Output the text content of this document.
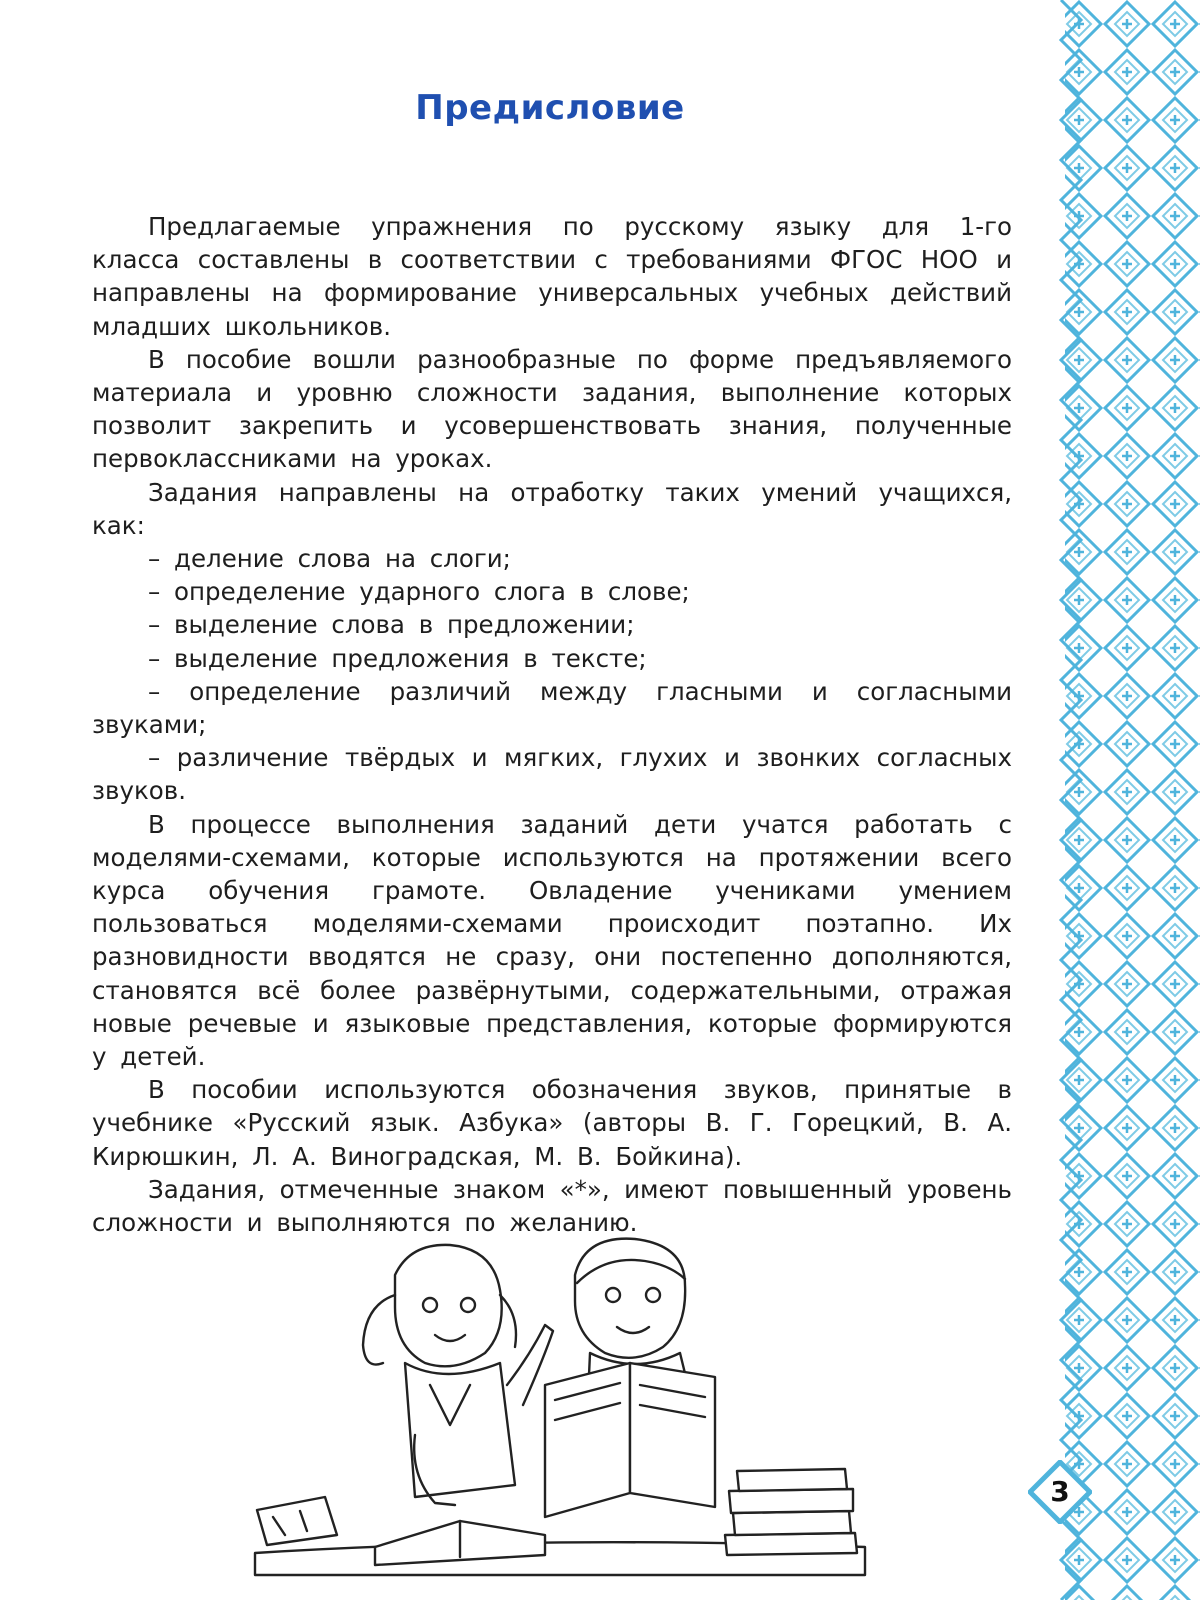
Предисловие

Предлагаемые упражнения по русскому языку для 1-го класса составлены в соответствии с требованиями ФГОС НОО и направлены на формирование универсальных учебных действий младших школьников.

В пособие вошли разнообразные по форме предъявляемого материала и уровню сложности задания, выполнение которых позволит закрепить и усовершенствовать знания, полученные первоклассниками на уроках.

Задания направлены на отработку таких умений учащихся, как:

– деление слова на слоги;
– определение ударного слога в слове;
– выделение слова в предложении;
– выделение предложения в тексте;
– определение различий между гласными и согласными звуками;
– различение твёрдых и мягких, глухих и звонких согласных звуков.

В процессе выполнения заданий дети учатся работать с моделями-схемами, которые используются на протяжении всего курса обучения грамоте. Овладение учениками умением пользоваться моделями-схемами происходит поэтапно. Их разновидности вводятся не сразу, они постепенно дополняются, становятся всё более развёрнутыми, содержательными, отражая новые речевые и языковые представления, которые формируются у детей.

В пособии используются обозначения звуков, принятые в учебнике «Русский язык. Азбука» (авторы В. Г. Горецкий, В. А. Кирюшкин, Л. А. Виноградская, М. В. Бойкина).

Задания, отмеченные знаком «*», имеют повышенный уровень сложности и выполняются по желанию.

3
